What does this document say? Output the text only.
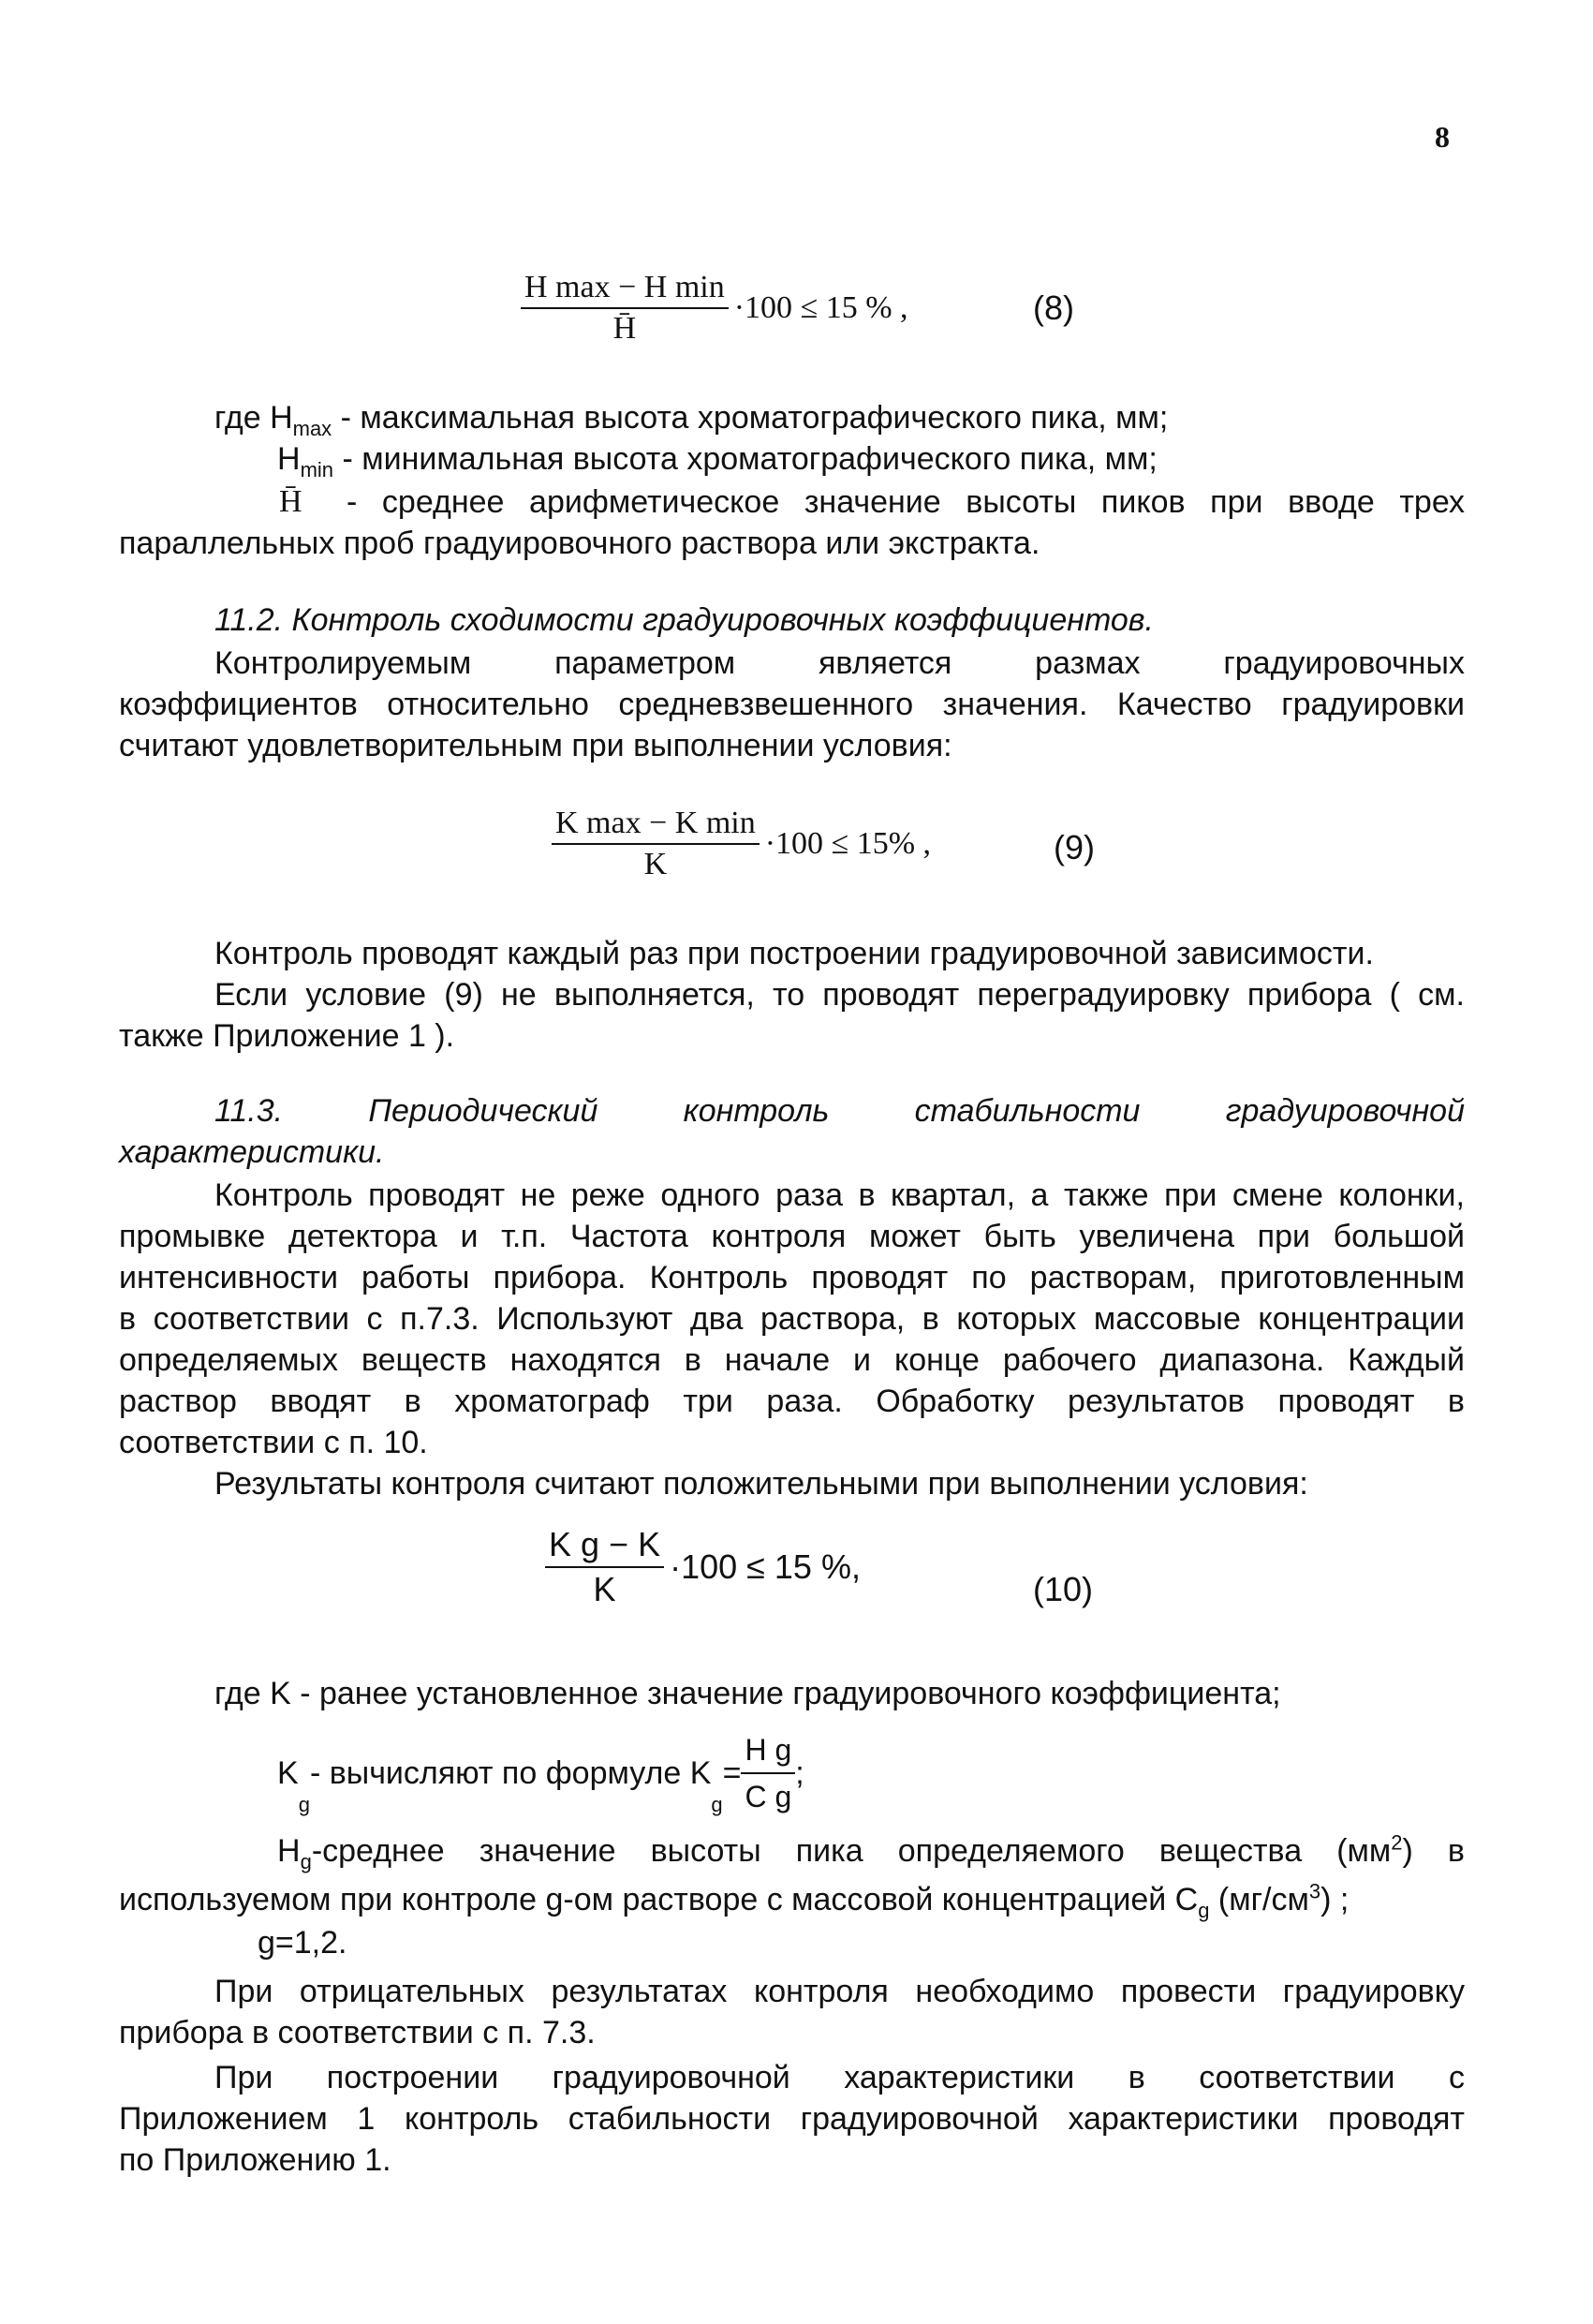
8
$\frac{\text{H max − H min}}{H̄} \cdot 100 \le 15$ % ,	(8)
где $H_{max}$ - максимальная высота хроматографического пика, мм;
$H_{min}$ - минимальная высота хроматографического пика, мм;
H̄ - среднее арифметическое значение высоты пиков при вводе трех
параллельных проб градуировочного раствора или экстракта.
11.2. Контроль сходимости градуировочных коэффициентов.
Контролируемым параметром является размах градуировочных
коэффициентов относительно средневзвешенного значения. Качество градуировки
считают удовлетворительным при выполнении условия:
$\frac{\text{K max − K min}}{K} \cdot 100 \le 15\%$ ,	(9)
Контроль проводят каждый раз при построении градуировочной зависимости.
Если условие (9) не выполняется, то проводят переградуировку прибора ( см.
также Приложение 1 ).
11.3. Периодический контроль стабильности градуировочной
характеристики.
Контроль проводят не реже одного раза в квартал, а также при смене колонки,
промывке детектора и т.п. Частота контроля может быть увеличена при большой
интенсивности работы прибора. Контроль проводят по растворам, приготовленным
в соответствии с п.7.3. Используют два раствора, в которых массовые концентрации
определяемых веществ находятся в начале и конце рабочего диапазона. Каждый
раствор вводят в хроматограф три раза. Обработку результатов проводят в
соответствии с п. 10.
Результаты контроля считают положительными при выполнении условия:
$\frac{\text{K g − K}}{K} \cdot 100 \le 15$ %,
(10)
где K - ранее установленное значение градуировочного коэффициента;
K
$_g$
- вычисляют по формуле K
$_g$
= $\frac{\text{H g}}{\text{C g}}$ ;
$H_g$-среднее значение высоты пика определяемого вещества $(мм^2)$ в
используемом при контроле g-ом растворе с массовой концентрацией $C_g$ $(мг/см^3)$ ;
g=1,2.
При отрицательных результатах контроля необходимо провести градуировку
прибора в соответствии с п. 7.3.
При построении градуировочной характеристики в соответствии с
Приложением 1 контроль стабильности градуировочной характеристики проводят
по Приложению 1.
